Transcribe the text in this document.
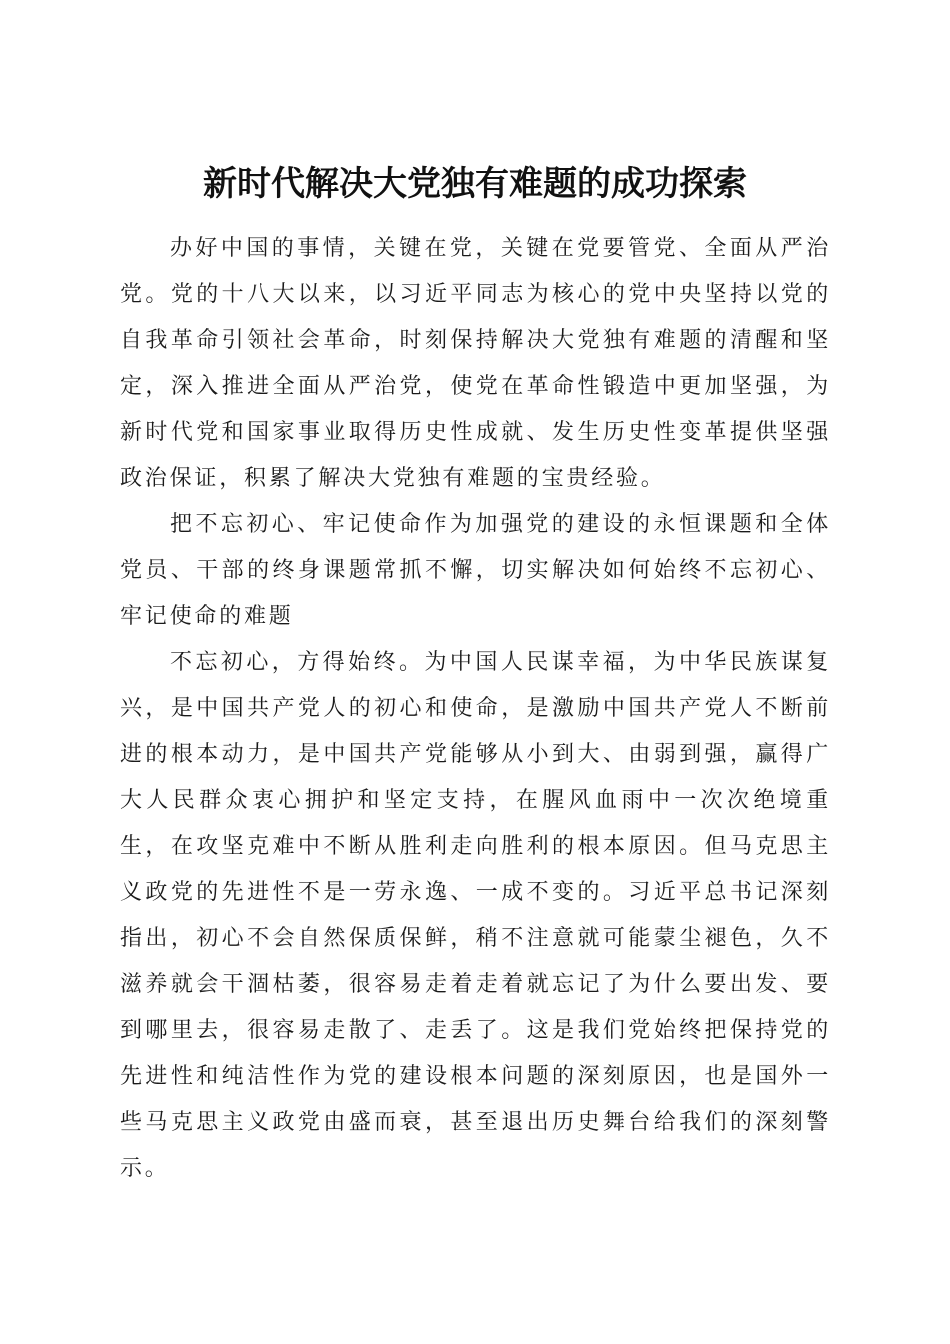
新时代解决大党独有难题的成功探索

办好中国的事情，关键在党，关键在党要管党、全面从严治党。党的十八大以来，以习近平同志为核心的党中央坚持以党的自我革命引领社会革命，时刻保持解决大党独有难题的清醒和坚定，深入推进全面从严治党，使党在革命性锻造中更加坚强，为新时代党和国家事业取得历史性成就、发生历史性变革提供坚强政治保证，积累了解决大党独有难题的宝贵经验。

把不忘初心、牢记使命作为加强党的建设的永恒课题和全体党员、干部的终身课题常抓不懈，切实解决如何始终不忘初心、牢记使命的难题

不忘初心，方得始终。为中国人民谋幸福，为中华民族谋复兴，是中国共产党人的初心和使命，是激励中国共产党人不断前进的根本动力，是中国共产党能够从小到大、由弱到强，赢得广大人民群众衷心拥护和坚定支持，在腥风血雨中一次次绝境重生，在攻坚克难中不断从胜利走向胜利的根本原因。但马克思主义政党的先进性不是一劳永逸、一成不变的。习近平总书记深刻指出，初心不会自然保质保鲜，稍不注意就可能蒙尘褪色，久不滋养就会干涸枯萎，很容易走着走着就忘记了为什么要出发、要到哪里去，很容易走散了、走丢了。这是我们党始终把保持党的先进性和纯洁性作为党的建设根本问题的深刻原因，也是国外一些马克思主义政党由盛而衰，甚至退出历史舞台给我们的深刻警示。
